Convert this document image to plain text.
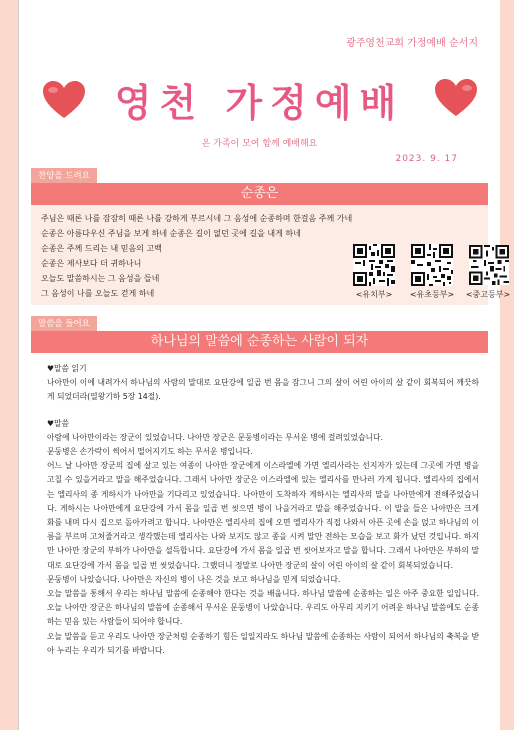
광주영천교회 가정예배 순서지
영천 가정예배
온 가족이 모여 함께 예배해요
2023. 9. 17
찬양을 드려요
순종은
주님은 때론 나를 잠잠히 때론 나를 강하게 부르시네 그 음성에 순종하며 한걸음 주께 가네
순종은 아름다우신 주님을 보게 하네 순종은 길이 없던 곳에 길을 내게 하네
순종은 주께 드리는 내 믿음의 고백
순종은 제사보다 더 귀하나니
오늘도 말씀하시는 그 음성을 들네
그 음성이 나를 오늘도 걷게 하네	<유치부>	<유초등부>	<중고등부>
말씀을 들어요
하나님의 말씀에 순종하는 사람이 되자
♥말씀 읽기

나아만이 이에 내려가서 하나님의 사람의 말대로 요단강에 일곱 번 몸을 잠그니 그의 살이 어린 아이의 살 같이 회복되어 깨끗하게 되었더라(열왕기하 5장 14절).

♥말씀

아람에 나아만이라는 장군이 있었습니다. 나아만 장군은 문둥병이라는 무서운 병에 걸려있었습니다.

문둥병은 손가락이 썩어서 떨어지기도 하는 무서운 병입니다.

어느 날 나아만 장군의 집에 살고 있는 여종이 나아만 장군에게 이스라엘에 가면 엘리사라는 선지자가 있는데 그곳에 가면 병을 고칠 수 있을거라고 말을 해주었습니다. 그래서 나아만 장군은 이스라엘에 있는 엘리사를 만나러 가게 됩니다. 엘리사의 집에서는 엘리사의 종 게하시가 나아만을 기다리고 있었습니다. 나아만이 도착하자 게하시는 엘리사의 말을 나아만에게 전해주었습니다. 게하시는 나아만에게 요단강에 가서 몸을 일곱 번 씻으면 병이 나을거라고 말을 해주었습니다. 이 말을 들은 나아만은 크게 화를 내며 다시 집으로 돌아가려고 합니다. 나아만은 엘리사의 집에 오면 엘리사가 직접 나와서 아픈 곳에 손을 얹고 하나님의 이름을 부르며 고쳐줄거라고 생각했는데 엘리사는 나와 보지도 않고 종을 시켜 말만 전하는 모습을 보고 화가 났던 것입니다. 하지만 나아만 장군의 부하가 나아만을 설득합니다. 요단강에 가서 몸을 일곱 번 씻어보자고 말을 합니다. 그래서 나아만은 부하의 말대로 요단강에 가서 몸을 일곱 번 씻었습니다. 그랬더니 정말로 나아만 장군의 살이 어린 아이의 살 같이 회복되었습니다.

문둥병이 나았습니다. 나아만은 자신의 병이 나은 것을 보고 하나님을 믿게 되었습니다.

오늘 말씀을 통해서 우리는 하나님 말씀에 순종해야 한다는 것을 배웁니다. 하나님 말씀에 순종하는 일은 아주 중요한 일입니다. 오늘 나아만 장군은 하나님의 말씀에 순종해서 무서운 문둥병이 나았습니다. 우리도 아무리 지키기 어려운 하나님 말씀에도 순종하는 믿음 있는 사람들이 되어야 합니다.

오늘 말씀을 듣고 우리도 나아만 장군처럼 순종하기 힘든 일일지라도 하나님 말씀에 순종하는 사람이 되어서 하나님의 축복을 받아 누리는 우리가 되기를 바랍니다.
